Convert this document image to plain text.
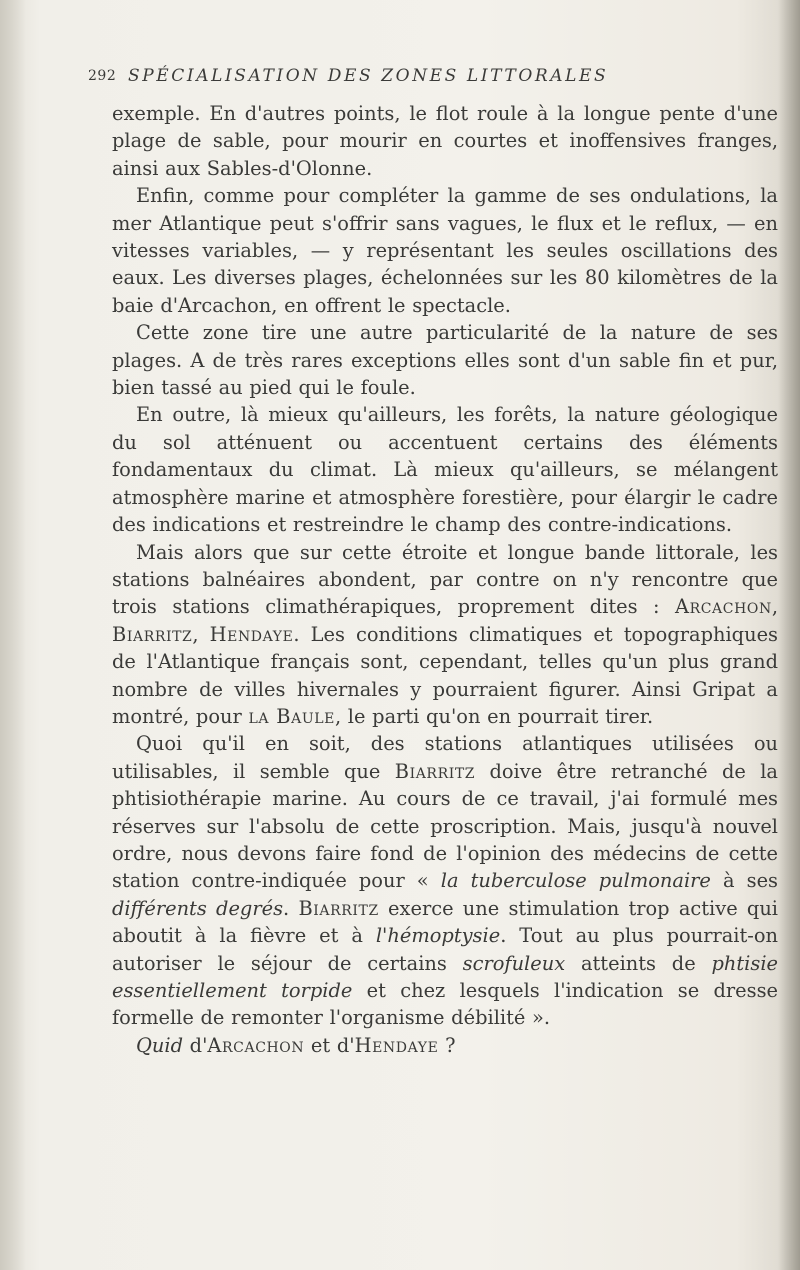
292 SPÉCIALISATION DES ZONES LITTORALES

exemple. En d'autres points, le flot roule à la longue pente d'une plage de sable, pour mourir en courtes et inoffensives franges, ainsi aux Sables-d'Olonne.

Enfin, comme pour compléter la gamme de ses ondulations, la mer Atlantique peut s'offrir sans vagues, le flux et le reflux, — en vitesses variables, — y représentant les seules oscillations des eaux. Les diverses plages, échelonnées sur les 80 kilomètres de la baie d'Arcachon, en offrent le spectacle.

Cette zone tire une autre particularité de la nature de ses plages. A de très rares exceptions elles sont d'un sable fin et pur, bien tassé au pied qui le foule.

En outre, là mieux qu'ailleurs, les forêts, la nature géologique du sol atténuent ou accentuent certains des éléments fondamentaux du climat. Là mieux qu'ailleurs, se mélangent atmosphère marine et atmosphère forestière, pour élargir le cadre des indications et restreindre le champ des contre-indications.

Mais alors que sur cette étroite et longue bande littorale, les stations balnéaires abondent, par contre on n'y rencontre que trois stations climathérapiques, proprement dites : Arcachon, Biarritz, Hendaye. Les conditions climatiques et topographiques de l'Atlantique français sont, cependant, telles qu'un plus grand nombre de villes hivernales y pourraient figurer. Ainsi Gripat a montré, pour la Baule, le parti qu'on en pourrait tirer.

Quoi qu'il en soit, des stations atlantiques utilisées ou utilisables, il semble que Biarritz doive être retranché de la phtisiothérapie marine. Au cours de ce travail, j'ai formulé mes réserves sur l'absolu de cette proscription. Mais, jusqu'à nouvel ordre, nous devons faire fond de l'opinion des médecins de cette station contre-indiquée pour « la tuberculose pulmonaire à ses différents degrés. Biarritz exerce une stimulation trop active qui aboutit à la fièvre et à l'hémoptysie. Tout au plus pourrait-on autoriser le séjour de certains scrofuleux atteints de phtisie essentiellement torpide et chez lesquels l'indication se dresse formelle de remonter l'organisme débilité ».

Quid d'Arcachon et d'Hendaye ?
